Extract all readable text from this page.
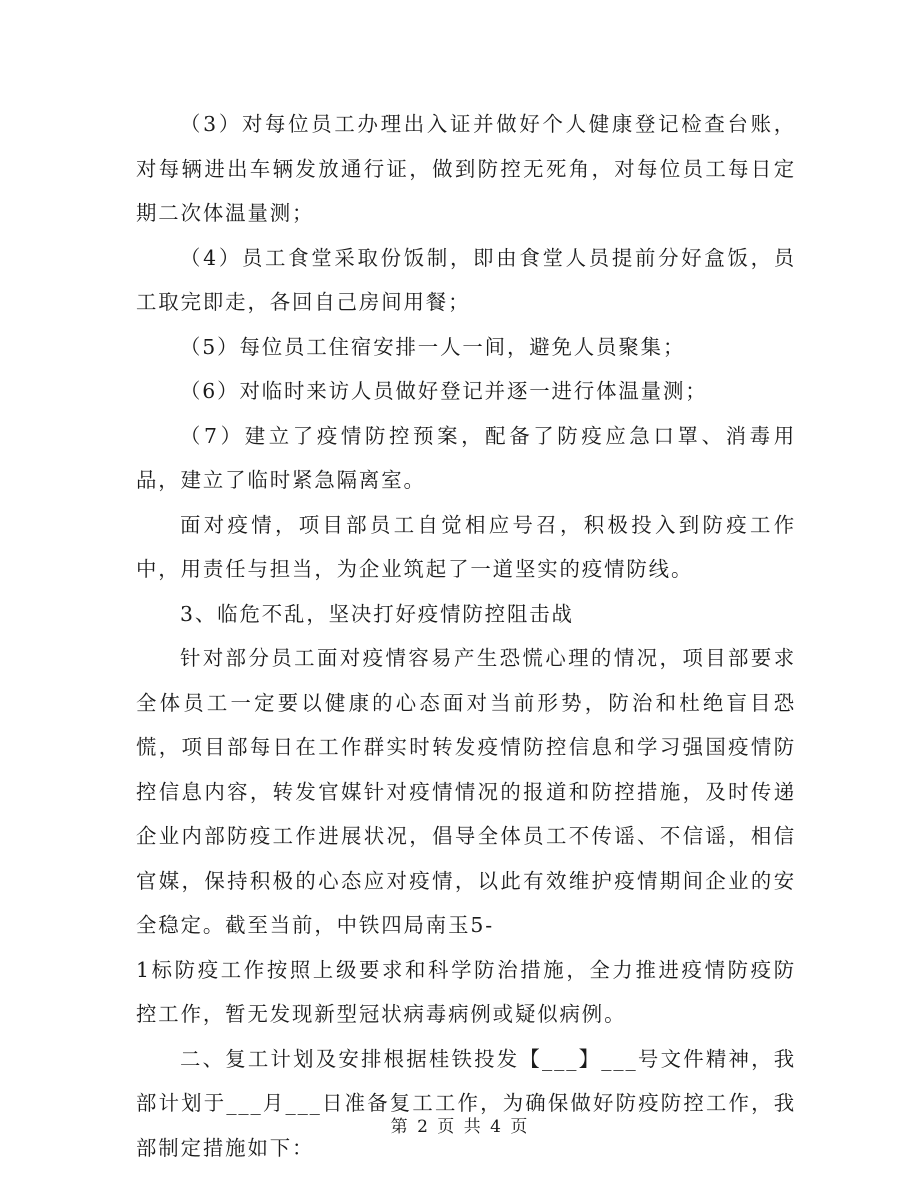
（3）对每位员工办理出入证并做好个人健康登记检查台账，对每辆进出车辆发放通行证，做到防控无死角，对每位员工每日定期二次体温量测；

（4）员工食堂采取份饭制，即由食堂人员提前分好盒饭，员工取完即走，各回自己房间用餐；

（5）每位员工住宿安排一人一间，避免人员聚集；

（6）对临时来访人员做好登记并逐一进行体温量测；

（7）建立了疫情防控预案，配备了防疫应急口罩、消毒用品，建立了临时紧急隔离室。

面对疫情，项目部员工自觉相应号召，积极投入到防疫工作中，用责任与担当，为企业筑起了一道坚实的疫情防线。

3、临危不乱，坚决打好疫情防控阻击战

针对部分员工面对疫情容易产生恐慌心理的情况，项目部要求全体员工一定要以健康的心态面对当前形势，防治和杜绝盲目恐慌，项目部每日在工作群实时转发疫情防控信息和学习强国疫情防控信息内容，转发官媒针对疫情情况的报道和防控措施，及时传递企业内部防疫工作进展状况，倡导全体员工不传谣、不信谣，相信官媒，保持积极的心态应对疫情，以此有效维护疫情期间企业的安全稳定。截至当前，中铁四局南玉5-

1标防疫工作按照上级要求和科学防治措施，全力推进疫情防疫防控工作，暂无发现新型冠状病毒病例或疑似病例。

二、复工计划及安排根据桂铁投发【___】___号文件精神，我部计划于___月___日准备复工工作，为确保做好防疫防控工作，我部制定措施如下：

第 2 页 共 4 页
